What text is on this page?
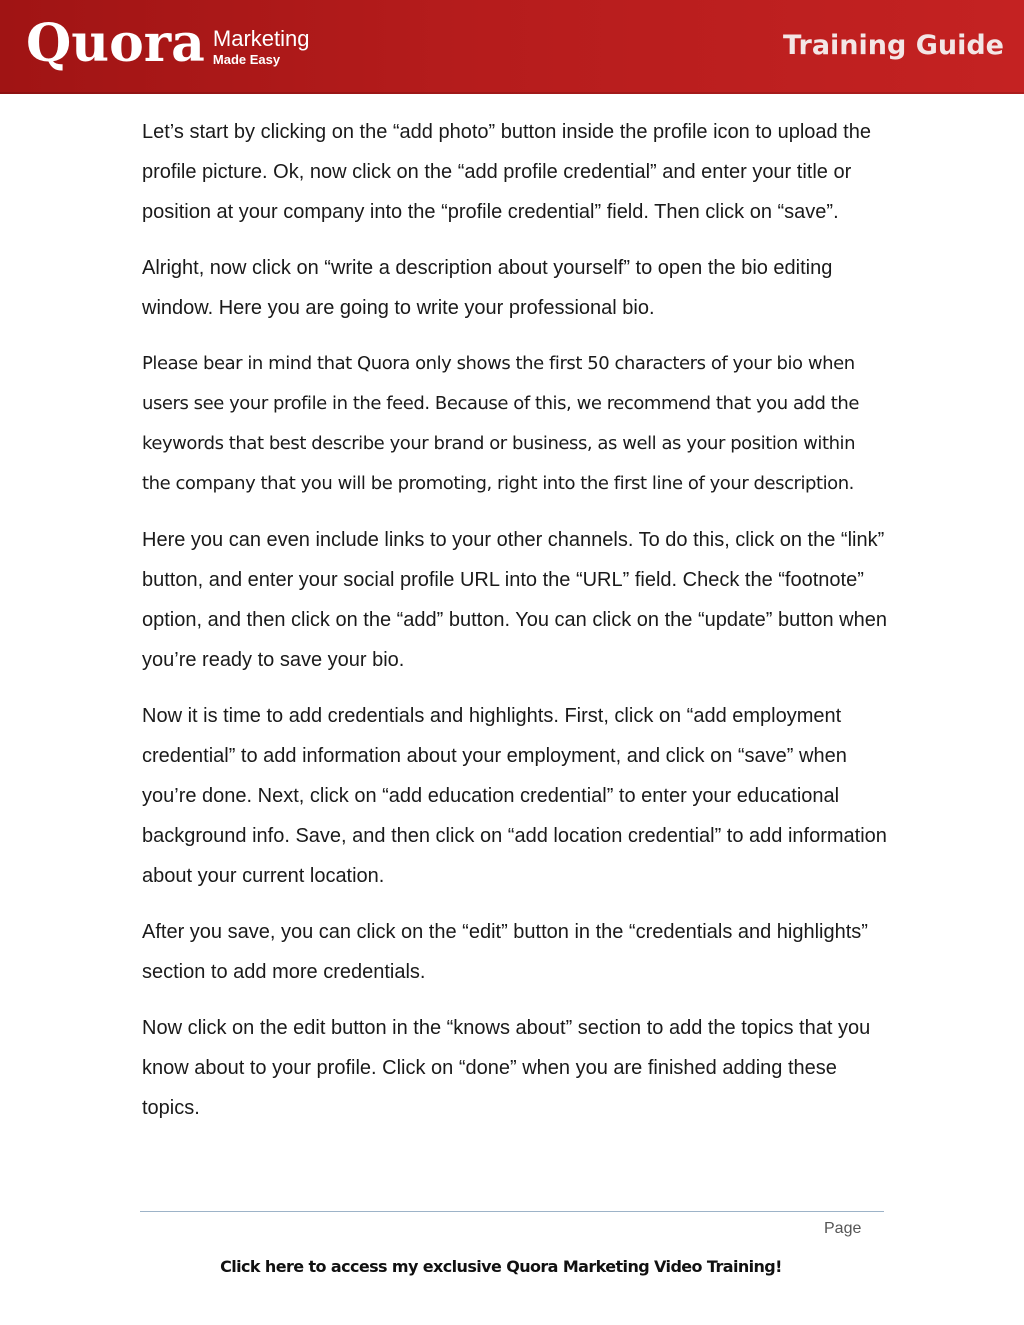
Quora Marketing
Made Easy	Training Guide

Let’s start by clicking on the “add photo” button inside the profile icon to upload the profile picture. Ok, now click on the “add profile credential” and enter your title or position at your company into the “profile credential” field. Then click on “save”.

Alright, now click on “write a description about yourself” to open the bio editing window. Here you are going to write your professional bio.

Please bear in mind that Quora only shows the first 50 characters of your bio when users see your profile in the feed. Because of this, we recommend that you add the keywords that best describe your brand or business, as well as your position within the company that you will be promoting, right into the first line of your description.

Here you can even include links to your other channels. To do this, click on the “link” button, and enter your social profile URL into the “URL” field. Check the “footnote” option, and then click on the “add” button. You can click on the “update” button when you’re ready to save your bio.

Now it is time to add credentials and highlights. First, click on “add employment credential” to add information about your employment, and click on “save” when you’re done. Next, click on “add education credential” to enter your educational background info. Save, and then click on “add location credential” to add information about your current location.

After you save, you can click on the “edit” button in the “credentials and highlights” section to add more credentials.

Now click on the edit button in the “knows about” section to add the topics that you know about to your profile. Click on “done” when you are finished adding these topics.

Page
Click here to access my exclusive Quora Marketing Video Training!
